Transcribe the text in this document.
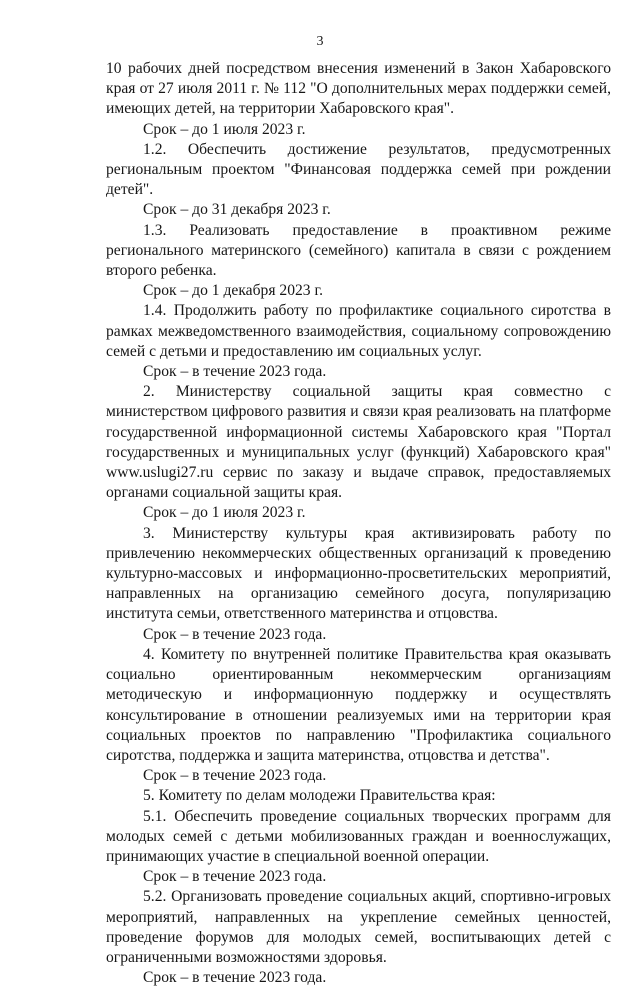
3

10 рабочих дней посредством внесения изменений в Закон Хабаровского края от 27 июля 2011 г. № 112 "О дополнительных мерах поддержки семей, имеющих детей, на территории Хабаровского края".

Срок – до 1 июля 2023 г.

1.2. Обеспечить достижение результатов, предусмотренных региональным проектом "Финансовая поддержка семей при рождении детей".

Срок – до 31 декабря 2023 г.

1.3. Реализовать предоставление в проактивном режиме регионального материнского (семейного) капитала в связи с рождением второго ребенка.

Срок – до 1 декабря 2023 г.

1.4. Продолжить работу по профилактике социального сиротства в рамках межведомственного взаимодействия, социальному сопровождению семей с детьми и предоставлению им социальных услуг.

Срок – в течение 2023 года.

2. Министерству социальной защиты края совместно с министерством цифрового развития и связи края реализовать на платформе государственной информационной системы Хабаровского края "Портал государственных и муниципальных услуг (функций) Хабаровского края" www.uslugi27.ru сервис по заказу и выдаче справок, предоставляемых органами социальной защиты края.

Срок – до 1 июля 2023 г.

3. Министерству культуры края активизировать работу по привлечению некоммерческих общественных организаций к проведению культурно-массовых и информационно-просветительских мероприятий, направленных на организацию семейного досуга, популяризацию института семьи, ответственного материнства и отцовства.

Срок – в течение 2023 года.

4. Комитету по внутренней политике Правительства края оказывать социально ориентированным некоммерческим организациям методическую и информационную поддержку и осуществлять консультирование в отношении реализуемых ими на территории края социальных проектов по направлению "Профилактика социального сиротства, поддержка и защита материнства, отцовства и детства".

Срок – в течение 2023 года.

5. Комитету по делам молодежи Правительства края:

5.1. Обеспечить проведение социальных творческих программ для молодых семей с детьми мобилизованных граждан и военнослужащих, принимающих участие в специальной военной операции.

Срок – в течение 2023 года.

5.2. Организовать проведение социальных акций, спортивно-игровых мероприятий, направленных на укрепление семейных ценностей, проведение форумов для молодых семей, воспитывающих детей с ограниченными возможностями здоровья.

Срок – в течение 2023 года.
